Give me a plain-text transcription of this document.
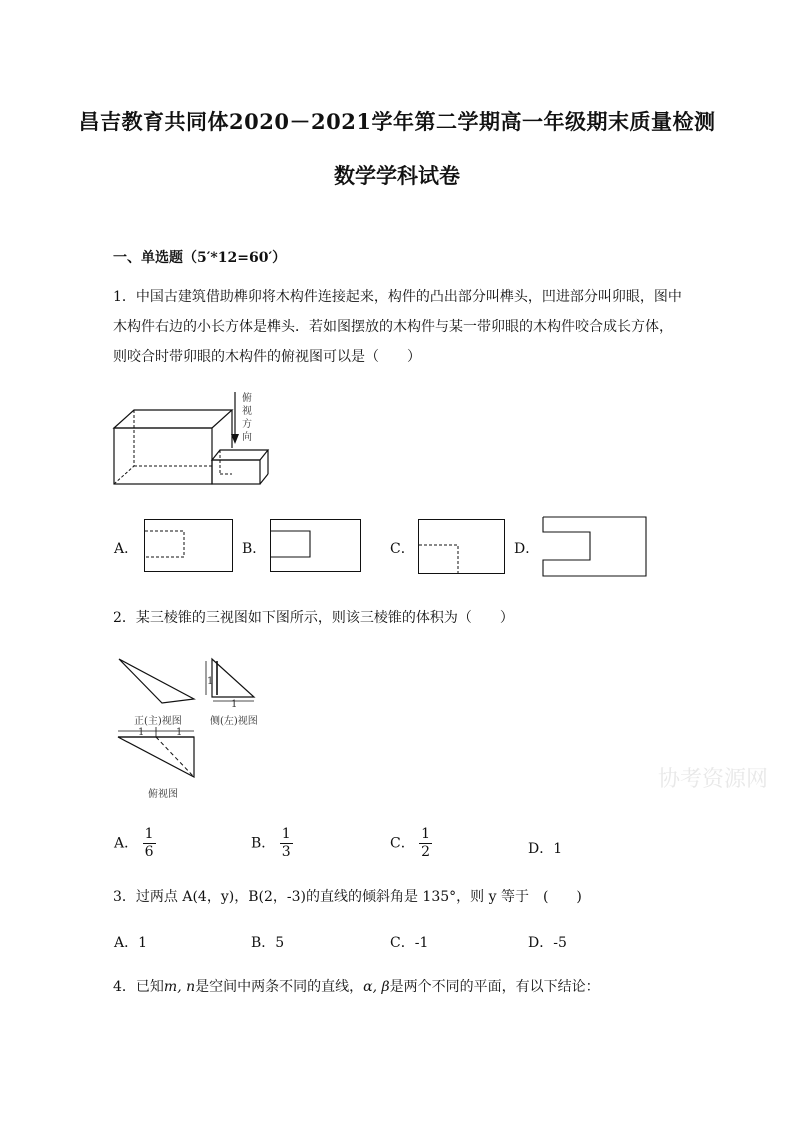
昌吉教育共同体2020－2021学年第二学期高一年级期末质量检测
数学学科试卷
一、单选题（5′*12=60′）
1．中国古建筑借助榫卯将木构件连接起来，构件的凸出部分叫榫头，凹进部分叫卯眼，图中
木构件右边的小长方体是榫头．若如图摆放的木构件与某一带卯眼的木构件咬合成长方体，
则咬合时带卯眼的木构件的俯视图可以是（　　）
俯
视
方
向
A．	B．	C．	D．
2．某三棱锥的三视图如下图所示，则该三棱锥的体积为（　　）
1
1
1	1
正(主)视图	侧(左)视图
俯视图
协考资源网
A． $\frac{1}{6}$	B． $\frac{1}{3}$	C． $\frac{1}{2}$	D．1
3．过两点 A(4，y)，B(2，-3)的直线的倾斜角是 135°，则 y 等于　(　　)
A．1	B．5	C．-1	D．-5
4．已知m, n是空间中两条不同的直线，α, β是两个不同的平面，有以下结论：
